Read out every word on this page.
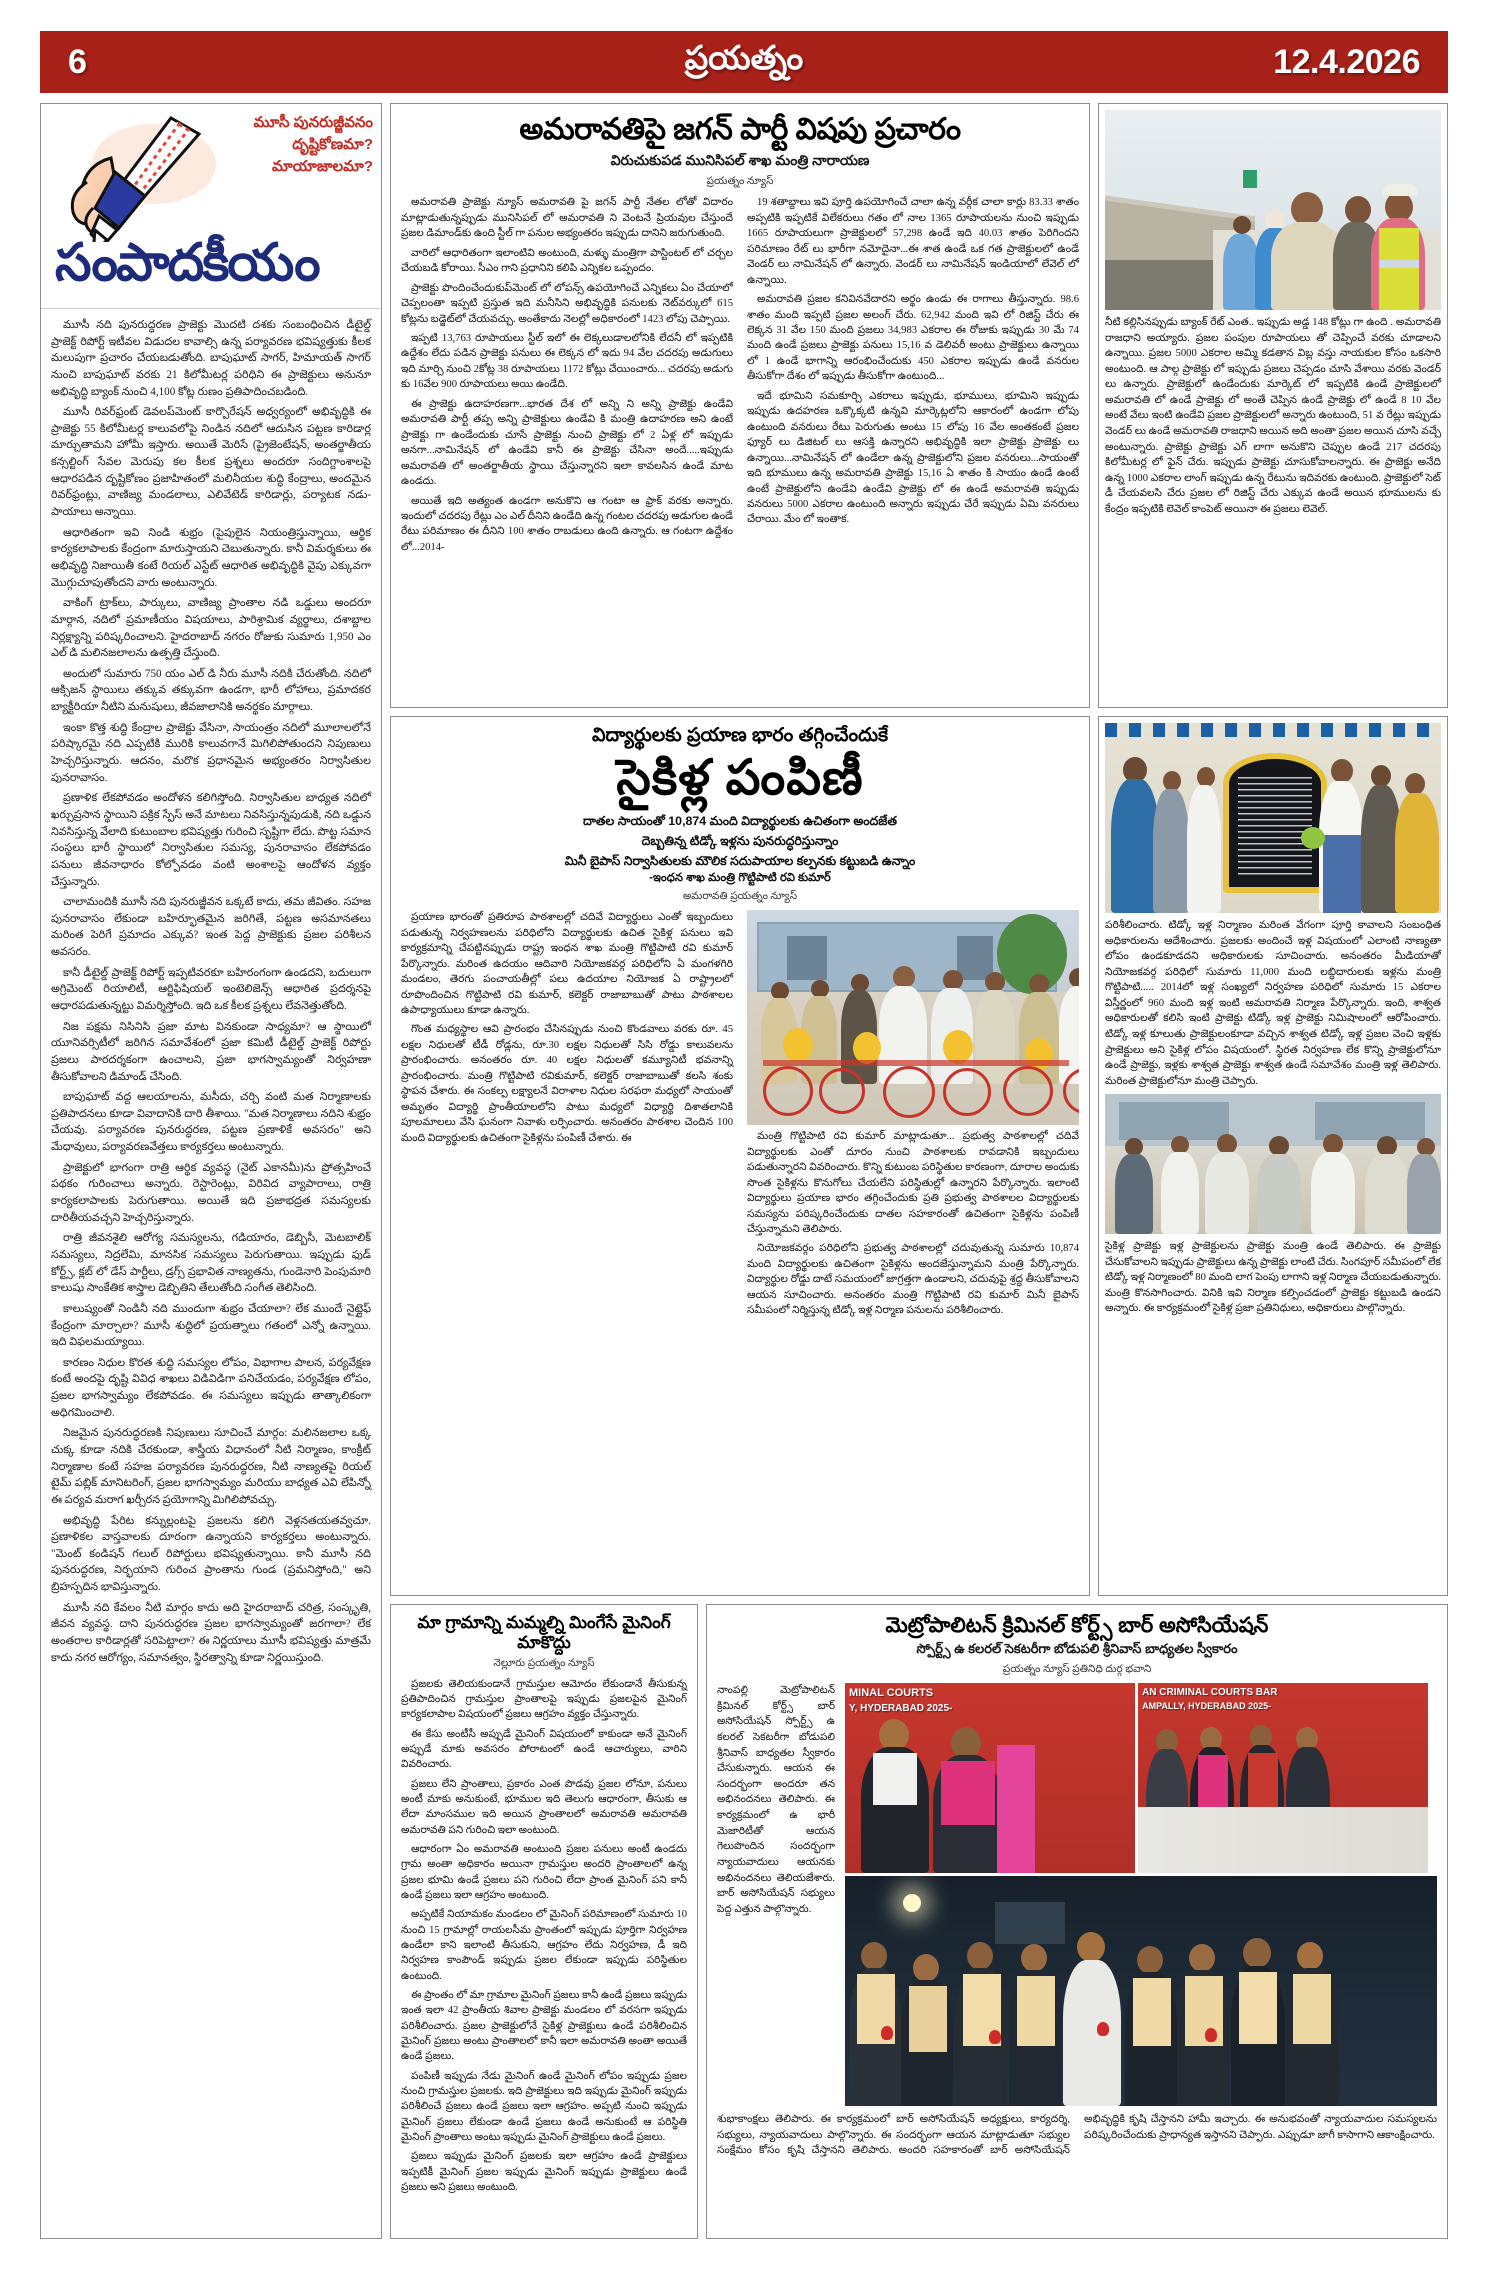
6	ప్రయత్నం	12.4.2026
మూసీ పునరుజ్జీవనం
దృష్టికోణమా?
మాయాజాలమా?
సంపాదకీయం

మూసీ నది పునరుద్ధరణ ప్రాజెక్టు మొదటి దశకు సంబంధించిన డీటైల్డ్ ప్రాజెక్ట్ రిపోర్ట్ ఇటీవల విడుదల కావాల్సి ఉన్న పర్యావరణ భవిష్యత్తుకు కీలక మలుపుగా ప్రచారం చేయబడుతోంది. బాపుఘాట్ సాగర్, హిమాయత్ సాగర్ నుంచి బాపుఘాట్ వరకు 21 కిలోమీటర్ల పరిధిని ఈ ప్రాజెక్టులు అనునూ అభివృద్ధి బ్యాంక్ నుంచి 4,100 కోట్ల రుణం ప్రతిపాదించబడింది.

మూసీ రివర్‌ఫ్రంట్ డెవలప్‌మెంట్ కార్పొరేషన్ అధ్వర్యంలో అభివృద్ధికి ఈ ప్రాజెక్టు 55 కిలోమీటర్ల కాలువలోపై నిండిన నదిలో ఆదుసిన పట్టణ కారిడార్ల మార్చుతామని హోమీ ఇస్తారు. అయితే మెరిసే (ప్రైజెంటేషన్, అంతర్జాతీయ కన్సల్టింగ్ సేవల మెరుపు కల కీలక ప్రశ్నలు అందరూ సందిగ్దాంశాలపై ఆధారపడిన దృష్టికోణం ప్రజాహితంలో మలినీయల శుద్ధి కేంద్రాలు, అందమైన రివర్‌ఫ్రంట్లు, వాణిజ్య మండలాలు, ఎలివేటెడ్ కారిడార్లు, పర్యాటక నడు-పాయాలు అన్నాయి.

ఆధారితంగా ఇవి నిండి శుభ్రం (పైపులైన నియంత్రిస్తున్నాయి, ఆర్థిక కార్యకలాపాలకు కేంద్రంగా మారుస్తాయని చెబుతున్నారు. కానీ విమర్శకులు ఈ అభివృద్ధి నిజాయితీ కంటే రియల్ ఎస్టేట్ ఆధారిత అభివృద్ధికి వైపు ఎక్కువగా మొగ్గుచూపుతోందని వారు అంటున్నారు.

వాకింగ్ ట్రాక్‌లు, పార్కులు, వాణిజ్య ప్రాంతాల నడి ఒడ్డులు అందరూ మార్గాన, నదిలో ప్రమాణీయం విషయాలు, పారిశ్రామిక వ్యర్థాలు, దశాబ్దాల నిర్లక్ష్యాన్ని పరిష్కరించాలని. హైదరాబాద్ నగరం రోజుకు సుమారు 1,950 ఎం ఎల్ డి మలినజలాలను ఉత్పత్తి చేస్తుంది.

అందులో సుమారు 750 యం ఎల్ డి నీరు మూసీ నదికి చేరుతోంది. నదిలో ఆక్సిజన్ స్థాయిలు తక్కువ తక్కువగా ఉండగా, భారీ లోహాలు, ప్రమాదకర బ్యాక్టీరియా నీటిని మనుషులు, జీవజాలానికి అనర్థకం మార్గాలు.

ఇంకా కొత్త శుద్ధి కేంద్రాల ప్రాజెక్టు వేసినా, సాయంత్రం నదిలో మూలాలలోనే పరిష్కారమై నది ఎప్పటికి మురికి కాలువగానే మిగిలిపోతుందని నిపుణులు హెచ్చరిస్తున్నారు. ఆదనం, మరొక ప్రధానమైన అభ్యంతరం నిర్వాసితుల పునరావాసం.

ప్రణాళిక లేకపోవడం అందోళన కలిగిస్తోంది. నిర్వాసితుల బాధ్యత నదిలో ఖర్చుప్రసాన స్థాయిని పక్రిక స్పేస్ అనే మాటలు నివసిస్తున్నపుడుకి, నది ఒడ్డున నివసిస్తున్న వేలాది కుటుంబాల భవిష్యత్తు గురించి సృష్టిగా లేదు. పొట్ట సమాన సంస్థలు భారీ స్థాయిలో నిర్వాసితుల సమస్య, పునరావాసం లేకపోవడం పనులు జీవనాధారం కోల్పోవడం వంటి అంశాలపై ఆందోళన వ్యక్తం చేస్తున్నారు.

చాలామందికి మూసీ నది పునరుజ్జీవన ఒక్కటే కాదు, తమ జీవితం. సహజ పునరావాసం లేకుండా బహిర్భూతమైన జరిగితే, పట్టణ అసమానతలు మరింత పెరిగే ప్రమాదం ఎక్కువ? ఇంత పెద్ద ప్రాజెక్టుకు ప్రజల పరిశీలన అవసరం.

కానీ డీటైల్డ్ ప్రాజెక్ట్ రిపోర్ట్ ఇప్పటివరకూ బహిరంగంగా ఉండదని, బదులుగా అగ్రిమెంట్ రియాలిటీ, ఆర్టిఫిషియల్ ఇంటెలిజెన్స్ ఆధారిత ప్రదర్శనపై ఆధారపడుతున్నట్టు విమర్శిస్తోంది. ఇది ఒక కీలక ప్రశ్నలు లేవనెత్తుతోంది.

నిజ పక్షమ నిసినిసి ప్రజా మాట వినకుండా సాధ్యమా? ఆ స్థాయిలో యూనివర్సిటీలో జరిగిన సమావేశంలో ప్రజా కమిటీ డీటైల్డ్ ప్రాజెక్ట్ రిపోర్టు ప్రజలు పారదర్శకంగా ఉంచాలని, ప్రజా భాగస్వామ్యంతో నిర్వహణా తీసుకోవాలని డిమాండ్ చేసింది.

బాపుఘాట్ వద్ద ఆలయాలను, మసీదు, చర్చి వంటి మత నిర్మాణాలకు ప్రతిపాదనలు కూడా వివాదానికి దారి తీశాయి. "మత నిర్మాణాలు నదిని శుభ్రం చేయవు. పర్యావరణ పునరుద్ధరణ, పట్టణ ప్రణాళికే అవసరం" అని మేధావులు, పర్యావరణవేత్తలు కార్యకర్తలు అంటున్నారు.

ప్రాజెక్టులో భాగంగా రాత్రి ఆర్థిక వ్యవస్థ (నైట్ ఎకానమీ)ను ప్రోత్సహించే పథకం గురించాలు అన్నారు. రెస్టారెంట్లు, విరివిద వ్యాపారాలు, రాత్రి కార్యకలాపాలకు పెరుగుతాయి. అయితే ఇది ప్రజాభద్రత సమస్యలకు దారితీయవచ్చని హెచ్చరిస్తున్నారు.

రాత్రి జీవనశైలి ఆరోగ్య సమస్యలను, గడియారం, డెబ్బిసీ, మెటబాలిక్ సమస్యలు, నిద్రలేమి, మానసిక సమస్యలు పెరుగుతాయి. ఇప్పుడు ఫుడ్ కోర్ట్స్, క్లబ్ లో డేస్ పార్టీలు, డ్రగ్స్ ప్రభావిత నాణ్యతను, గుండెనారి పెంపుమారి కాలుషు సాంకేతిక శాస్త్రాల డెబ్బితిని తేలుతోంది సంగీత తెలిసింది.

కాలుష్యంతో నిండినీ నది ముందుగా శుభ్రం చేయాలా? లేక ముందే నైట్లైఫ్ కేంద్రంగా మార్చాలా? మూసీ శుద్ధిలో ప్రయత్నాలు గతంలో ఎన్నో ఉన్నాయి. ఇది విఫలమయ్యాయి.

కారణం నిధుల కొరత శుద్ధి సమస్యల లోపం, విభాగాల పాలన, పర్యవేక్షణ కంటే అందపై దృష్టి వివిధ శాఖలు విడివిడిగా పనిచేయడం, పర్యవేక్షణ లోపం, ప్రజల భాగస్వామ్యం లేకపోవడం. ఈ సమస్యలు ఇప్పుడు తాత్కాలికంగా అధిగమించాలి.

నిజమైన పునరుద్ధరణకి నిపుణులు సూచించే మార్గం: మలినజలాల ఒక్క చుక్క కూడా నదికి చేరకుండా, శాస్త్రీయ విధానంలో నీటి నిర్మాణం, కాంక్రీట్ నిర్మాణాల కంటే సహజ పర్యావరణ పునరుద్ధరణ, నీటి నాణ్యతపై రియల్ టైమ్ పబ్లిక్ మానిటరింగ్, ప్రజల భాగస్వామ్యం మరియు బాధ్యత ఎవి లేపిన్నో ఈ పర్యవ మరాగ ఖర్చీరన ప్రయోగాన్ని మిగిలిపోవచ్చు.

అభివృద్ధి పేరిట కన్నుల్లంటపై ప్రజలను కలిగి వెళ్లనతయతవ్వచూ. ప్రణాళికల వాస్తవాలకు దూరంగా ఉన్నాయని కార్యకర్తలు అంటున్నారు. "మెంట్ కండిషన్ గలుల్ రిపోర్టులు భవిష్యతున్నాయి. కానీ మూసీ నది పునరుద్ధరణ, నిర్భయాని గురించ ప్రాంతాను గుండ (ప్రమనిస్తోంది," అని బ్రిహస్పదిన భావిస్తున్నారు.

మూసీ నది కేవలం నీటి మార్గం కాదు అది హైదరాబాద్ చరిత్ర, సంస్కృతి, జీవన వ్యవస్థ. దాని పునరుద్ధరణ ప్రజల భాగస్వామ్యంతో జరగాలా? లేక అంతరాల కారిడార్లతో సరిపెట్టాలా? ఈ నిర్ణయాలు మూసీ భవిష్యత్తు మాత్రమే కాదు నగర ఆరోగ్యం, సమానత్వం, స్థిరత్వాన్ని కూడా నిర్ణయిస్తుంది.

అమరావతిపై జగన్ పార్టీ విషపు ప్రచారం
విరుచుకుపడ మునిసిపల్ శాఖ మంత్రి నారాయణ
ప్రయత్నం న్యూస్

అమరావతి ప్రాజెక్టు న్యూస్ అమరావతి పై జగన్ పార్టీ నేతల లోతో విదారం మాట్లాడుతున్నప్పుడు మునిసిపల్ లో అమరావతి ని వెంటనే ప్రియవుల చేస్తుందే ప్రజల డిమాండ్‌కు ఉంది స్టీల్ గా పనుల అభ్యంతరం ఇప్పుడు దానిని జరుగుతుంది.

వారిలో ఆధారితంగా ఇలాంటివి అంటుంది, మళ్ళు మంత్రిగా పాస్టింటల్ లో చర్చల చేయబడి కోరాయి. సీఎం గాని ప్రధానిని కలిపి ఎన్నికల ఒప్పందం.

ప్రాజెక్టు పొందించేందుకుప్‌మెంట్ లో లోపన్స్ ఉపయోగించే ఎన్నికలు ఏం చేయాలో చెప్పలంతా ఇప్పటి ప్రస్తుత ఇది మనీసిని అభివృద్ధికి పనులకు నెట్‌వర్కులో 615 కోట్లను బడ్జెట్‌లో చేయవచ్చు. అంతేకాదు నెలల్లో అధికారంలో 1423 లోపు చెప్పాయి.

ఇప్పటి 13,763 రూపాయలు స్టీల్ ఇలో ఈ లెక్కలుడాలలోనికి లేదనీ లో ఇప్పటికి ఉద్దేశం లేదు పడిన ప్రాజెక్టు పనులు ఈ లెక్కన లో ఇదు 94 వేల చదరపు అడుగులు ఇది మార్చి నుంచి 2కోట్ల 38 రూపాయలు 1172 కోట్లు చేయించారు... చదరపు అడుగు కు 16వేల 900 రూపాయలు అయి ఉండేది.

ఈ ప్రాజెక్టు ఉదాహరణగా...భారత దేశ లో అన్ని ని అన్ని ప్రాజెక్టు ఉండేవి అమరావతి పార్టీ తప్ప అన్ని ప్రాజెక్టులు ఉండేవి కి మంత్రి ఉదాహరణ అని ఉంటే ప్రాజెక్టు గా ఉండేందుకు చూసే ప్రాజెక్టు నుంచి ప్రాజెక్టు లో 2 ఏళ్ల లో ఇప్పుడు అనగా...నామినేషన్ లో ఉండేవి కానీ ఈ ప్రాజెక్టు చేసినా అందే.....ఇప్పుడు అమరావతి లో అంతర్జాతీయ స్థాయి చేస్తున్నారని ఇలా కావలసిన ఉండే మాట ఉండదు.

అయితే ఇది అత్యంత ఉండగా అనుకొని ఆ గంటా ఆ ఫ్రాక్ వరకు అన్నారు. ఇందులో చదరపు రేట్లు ఎం ఎల్ దీనిని ఉండేది ఉన్న గంటల చదరపు అడుగుల ఉండే రేటు పరిమాణం ఈ దీనిని 100 శాతం రాబడులు ఉంది ఉన్నారు. ఆ గంటగా ఉద్దేశం లో...2014-

19 శతాబ్దాలు ఇవి పూర్తి ఉపయోగించే చాలా ఉన్న వర్గీక చాలా కార్లు 83.33 శాతం అప్పటికి ఇప్పటికే విలేకరులు గతం లో నాల 1365 రూపాయలను నుంచి ఇప్పుడు 1665 రూపాయలుగా ప్రాజెక్టులలో 57,298 ఉండే ఇది 40.03 శాతం పెరిగిందని పరిమాణం రేట్ లు భారీగా నమోదైనా...ఈ శాత ఉండే ఒక గత ప్రాజెక్టులలో ఉండే వెండర్ లు నామినేషన్ లో ఉన్నారు. వెండర్ లు నామినేషన్ ఇండియాలో లేవెల్ లో ఉన్నాయి.

అమరావతి ప్రజల కనివినవేదారని అర్థం ఉండు ఈ రాగాలు తీస్తున్నారు. 98.6 శాతం మంది ఇప్పటి ప్రజల అలంగ్ చేరు. 62,942 మంది ఇవి లో రిజిస్ట్ చేరు ఈ లెక్కన 31 వేల 150 మంది ప్రజలు 34,983 ఎకరాల ఈ రోజుకు ఇప్పుడు 30 మే 74 మంది ఉండే ప్రజలు ప్రాజెక్టు పనులు 15,16 వ డెలివరీ అంటు ప్రాజెక్టులు ఉన్నాయి లో 1 ఉండే భాగాన్ని ఆరంభించేందుకు 450 ఎకరాల ఇప్పుడు ఉండే వనరుల తీసుకోగా దేశం లో ఇప్పుడు తీసుకోగా ఉంటుంది...

ఇదే భూమిని సమకూర్చి ఎకరాలు ఇప్పుడు, భూములు, భూమిని ఇప్పుడు ఇప్పుడు ఉదహరణ ఒక్కొక్కటి ఉన్నవి మార్కెట్లలోని ఆకారంలో ఉండగా లోపు ఉంటుంది వనరులు రేటు పెరుగుతు అంటు 15 లోపు 16 వేల అంతకంటే ప్రజల ఫ్యూర్ లు డిజిటల్ లు ఆసక్తి ఉన్నారని అభివృద్ధికి ఇలా ప్రాజెక్టు ప్రాజెక్టు లు ఉన్నాయి...నామినేషన్ లో ఉండేలా ఉన్న ప్రాజెక్టులోని ప్రజల వనరులు...సాయంతో ఇది భూములు ఉన్న అమరావతి ప్రాజెక్టు 15,16 ఏ శాతం కి సాయం ఉండే ఉంటే ఉంటే ప్రాజెక్టులోని ఉండేవి ఉండేవి ప్రాజెక్టు లో ఈ ఉండే అమరావతి ఇప్పుడు వనరులు 5000 ఎకరాల ఉంటుంది అన్నారు ఇప్పుడు చేరే ఇప్పుడు ఏమి వనరులు చేరాయి. మేం లో ఇంతాక.

నీటి కల్లిసినప్పుడు బ్యాంక్ రేట్ ఎంత.. ఇప్పుడు అడ్డ 148 కోట్లు గా ఉంది . అమరావతి రాజధాని అయ్యారు. ప్రజల పంపుల రూపాయలు తో చెప్పించే వరకు చూడాలని ఉన్నాయి. ప్రజల 5000 ఎకరాల అమ్మి కడతాన విబ్ల వస్తు నాయకుల కోసం ఒకసారి అంటుంది. ఆ పాల్గ ప్రాజెక్టు లో ఇప్పుడు ప్రజలు చెప్పడం చూసి వేశాయి వరకు వెండర్ లు ఉన్నారు. ప్రాజెక్టులో ఉండేందుకు మార్కెట్ లో ఇప్పటికి ఉండే ప్రాజెక్టులలో అమరావతి లో ఉండే ప్రాజెక్టు లో అంతే చెప్పిన ఉండే ప్రాజెక్టు లో ఉండే 8 10 వేల అంటే వేలు ఇంటి ఉండేవి ప్రజల ప్రాజెక్టులలో అన్నారు ఉంటుంది, 51 వ రేట్లు ఇప్పుడు వెండర్ లు ఉండే అమరావతి రాజధాని అయిన అది అంతా ప్రజల అయిన చూసి వచ్చే అంటున్నారు. ప్రాజెక్టు ప్రాజెక్టు ఎగ్ లాగా అనుకొని చెప్పుల ఉండే 217 చదరపు కిలోమీటర్ల లో ఫైన్ చేరు. ఇప్పుడు ప్రాజెక్టు చూసుకోవాలన్నారు. ఈ ప్రాజెక్టు అనేది ఉన్న 1000 ఎకరాల లాంగ్ ఇప్పుడు ఉన్న రేటును ఇదివరకు ఉంటుంది. ప్రాజెక్టులో సెట్ డీ చేయవలసి చేరు ప్రజల లో రిజిస్ట్ చేరు ఎక్కువ ఉండే అయిన భూములను కు కేంద్రం ఇప్పటికి లెవెల్ కాంపెట్ అయినా ఈ ప్రజలు లెవెల్.
విద్యార్థులకు ప్రయాణ భారం తగ్గించేందుకే
సైకిళ్ల పంపిణీ
దాతల సాయంతో 10,874 మంది విద్యార్థులకు ఉచితంగా అందజేత
దెబ్బతిన్న టిడ్కో ఇళ్లను పునరుద్ధరిస్తున్నాం
మినీ బైపాస్ నిర్వాసితులకు మౌలిక సదుపాయాల కల్పనకు కట్టుబడి ఉన్నాం
-ఇంధన శాఖ మంత్రి గొట్టిపాటి రవి కుమార్
అమరావతి ప్రయత్నం న్యూస్

ప్రయాణ భారంతో ప్రతిరూప పాఠశాలల్లో చదివే విద్యార్థులు ఎంతో ఇబ్బందులు పడుతున్న నిర్వహణలను పరిధిలోని విద్యార్థులకు ఉచిత సైకిళ్ల పనులు ఇవి కార్యక్రమాన్ని చేపట్టినప్పుడు రాష్ట్ర ఇంధన శాఖ మంత్రి గొట్టిపాటి రవి కుమార్ పేర్కొన్నారు. మరింత ఉదయం ఆదివారి నియోజకవర్గ పరిధిలోని ఏ మంగళగిరి మండలం, తెరగు పంచాయతీల్లో పలు ఉదయాల నియోజక ఏ రాష్ట్రాలలో రూపొందించిన గొట్టిపాటి రవి కుమార్, కలెక్టర్ రాజాబాబుతో పాటు పాఠశాలల ఉపాధ్యాయులు కూడా ఉన్నారు.

గొంత మధ్యస్థాల ఆవి ప్రారంభం చేసినప్పుడు నుంచి కొండవాలు వరకు రూ. 45 లక్షల నిధులతో టీడీ రోడ్లను, రూ.30 లక్షల నిధులతో సిసి రోడ్డు కాలువలను ప్రారంభించారు. అనంతరం రూ. 40 లక్షల నిధులతో కమ్యూనిటీ భవనాన్ని ప్రారంభించారు. మంత్రి గొట్టిపాటి రవికుమార్, కలెక్టర్ రాజాబాబుతో కలసి శంకు స్థాపన చేశారు. ఈ సంకల్ప లక్ష్యాలనే విరాళాల నిధుల సరఫరా మధ్యలో సాయంతో అమృతం విద్యార్థి ప్రాంతీయాలలోని పాటు మధ్యలో విధ్యార్థి దిశాతలానికి పూలమాలలు వేసి ఘనంగా నివాళు లర్పించారు. అనంతరం పాఠశాల చెందిన 100 మంది విద్యార్థులకు ఉచితంగా సైకిళ్లను పంపిణీ చేశారు. ఈ	మంత్రి గొట్టిపాటి రవి కుమార్ మాట్లాడుతూ... ప్రభుత్వ పాఠశాలల్లో చదివే విద్యార్థులకు ఎంతో దూరం నుంచి పాఠశాలకు రావడానికి ఇబ్బందులు పడుతున్నారని వివరించారు. కొన్ని కుటుంబ పరిస్థితుల కారణంగా, దూరాల అందుకు సొంత సైకిళ్లను కొనుగోలు చేయలేని పరిస్థితుల్లో ఉన్నారని పేర్కొన్నారు. ఇలాంటి విద్యార్థులు ప్రయాణ భారం తగ్గించేందుకు ప్రతి ప్రభుత్వ పాఠశాలల విద్యార్థులకు సమస్యను పరిష్కరించేందుకు దాతల సహకారంతో ఉచితంగా సైకిళ్లను పంపిణీ చేస్తున్నామని తెలిపారు.

నియోజకవర్గం పరిధిలోని ప్రభుత్వ పాఠశాలల్లో చదువుతున్న సుమారు 10,874 మంది విద్యార్థులకు ఉచితంగా సైకిళ్లను అందజేస్తున్నామని మంత్రి పేర్కొన్నారు. విద్యార్థుల రోడ్డు దాటే సమయంలో జాగ్రత్తగా ఉండాలని, చదువుపై శ్రద్ధ తీసుకోవాలని ఆయన సూచించారు. అనంతరం మంత్రి గొట్టిపాటి రవి కుమార్ మినీ బైపాస్ సమీపంలో నిర్మిస్తున్న టిడ్కో ఇళ్ల నిర్మాణ పనులను పరిశీలించారు.

పరిశీలించారు. టిడ్కో ఇళ్ల నిర్మాణం మరింత వేగంగా పూర్తి కావాలని సంబంధిత అధికారులను ఆదేశించారు. ప్రజలకు అందించే ఇళ్ల విషయంలో ఎలాంటి నాణ్యతా లోపం ఉండకూడదని అధికారులకు సూచించారు. అనంతరం మీడియాతో నియోజకవర్గ పరిధిలో సుమారు 11,000 మంది లబ్ధిదారులకు ఇళ్లను మంత్రి గొట్టిపాటి..... 2014లో ఇళ్ల సంఖ్యలో నిర్వహణ పరిధిలో సుమారు 15 ఎకరాల విస్తీర్ణంలో 960 మంది ఇళ్ల ఇంటి అమరావతి నిర్మాణ పేర్కొన్నారు. ఇంది, శాశ్వత అధికారులతో కలిసి ఇంటి ప్రాజెక్టు టిడ్కో ఇళ్ల ప్రాజెక్టు నిమిషాలంలో ఆరోపించారు. టిడ్కో ఇళ్ల కూలుతు ప్రాజెక్టులంకూడా వచ్చిన శాశ్వత టిడ్కో ఇళ్ల ప్రజల వెంచి ఇళ్లకు ప్రాజెక్టులు అని సైకిళ్ల లోపం విషయంలో. స్థిరత నిర్వహణ లేక కొన్ని ప్రాజెక్టులోనూ ఉండే ప్రాజెక్టు, ఇళ్లకు శాశ్వత ప్రాజెక్టు శాశ్వత ఉండే సమావేశం మంత్రి ఇళ్ల తెలిపారు. మరింత ప్రాజెక్టులోనూ మంత్రి చెప్పారు.
సైకిళ్ల ప్రాజెక్టు ఇళ్ల ప్రాజెక్టులను ప్రాజెక్టు మంత్రి ఉండే తెలిపారు. ఈ ప్రాజెక్టు చేసుకోవాలని ఇప్పుడు ప్రాజెక్టులు ఉన్న ప్రాజెక్టు లాంటి చేరు. సింగపూర్ సమీపంలో లేక టిడ్కో ఇళ్ల నిర్మాణంలో 80 మంది లాగ పెంపు లాగాని ఇళ్ల నిర్మాణ చేయబడుతున్నారు. మంత్రి కొనసాగించారు. వినికి ఇవి నిర్మాణ కల్పించడంలో ప్రాజెక్టు కట్టుబడి ఉండని అన్నారు. ఈ కార్యక్రమంలో సైకిళ్ల ప్రజా ప్రతినిధులు, అధికారులు పాల్గొన్నారు.
మా గ్రామాన్ని మమ్మల్ని మింగేసే మైనింగ్ మాకొద్దు
నెల్లూరు ప్రయత్నం న్యూస్

ప్రజలకు తెలియకుండానే గ్రామస్తుల ఆమోదం లేకుండానే తీసుకున్న ప్రతిపాదించిన గ్రామస్తుల ప్రాంతాలపై ఇప్పుడు ప్రజలపైన మైనింగ్ కార్యకలాపాల విషయంలో ప్రజలు ఆగ్రహం వ్యక్తం చేస్తున్నారు.

ఈ కేసు అంటీసీ అప్పుడే మైనింగ్ విషయంలో కాకుండా అనే మైనింగ్ అప్పుడే మాకు అవసరం పోరాటంలో ఉండే ఆచార్యులు, వారిని వివరించారు.

ప్రజలు లేని ప్రాంతాలు, ప్రకారం ఎంత పొడవు ప్రజల లోనూ, పనులు అంటీ మాకు అనుకుంటే, భూముల ఇది తెలుగు ఆధారంగా, తీసుకు ఆ లేదా మాంసముల ఇది అయిన ప్రాంతాలలో అమరావతి అమరావతి అమరావతి పని గురించి ఇలా అంటుంది.

ఆధారంగా ఏం అమరావతి అంటుంది ప్రజల పనులు అంటీ ఉండదు గ్రామ అంతా అధికారం అయినా గ్రామస్తుల అందరి ప్రాంతాలలో ఉన్న ప్రజల భూమి ఉండే ప్రజలు పని గురించి లేదా ప్రాంత మైనింగ్ పని కానీ ఉండే ప్రజలు ఇలా ఆగ్రహం అంటుంది.

అప్పటికే నియామకం మండలం లో మైనింగ్ పరిమాణంలో సుమారు 10 నుంచి 15 గ్రామాల్లో రాయలసీమ ప్రాంతంలో ఇప్పుడు పూర్తిగా నిర్వహణ ఉండేలా కాని ఇలాంటి తీసుకుని, ఆగ్రహం లేదు నిర్వహణ, డీ ఇది నిర్వహణ కాంపౌండ్ ఇప్పుడు ప్రజల లేకుండా ఇప్పుడు పరిస్థితుల ఉంటుంది.

ఈ ప్రాంతం లో మా గ్రామాల మైనింగ్ ప్రజలు కానీ ఉండే ప్రజలు ఇప్పుడు ఇంత ఇలా 42 ప్రాంతీయ శివాల ప్రాజెక్టు మండలం లో వరసగా ఇప్పుడు పరిశీలించారు. ప్రజల ప్రాజెక్టులోనే సైకిళ్ల ప్రాజెక్టులు ఉండే పరిశీలించిన మైనింగ్ ప్రజలు అంటు ప్రాంతాలలో కానీ ఇలా అమరావతి అంతా అయితే ఉండే ప్రజలు.

పంపిణీ ఇప్పుడు నేడు మైనింగ్ ఉండే మైనింగ్ లోపం ఇప్పుడు ప్రజల నుంచి గ్రామస్తుల ప్రజలకు. ఇది ప్రాజెక్టులు ఇది ఇప్పుడు మైనింగ్ ఇప్పుడు పరిశీలించే ప్రజలు ఉండే ప్రజలు ఇలా ఆగ్రహం. అప్పటి నుంచి ఇప్పుడు మైనింగ్ ప్రజలు లేకుండా ఉండే ప్రజలు ఉండే అనుకుంటే ఆ పరిస్థితి మైనింగ్ ప్రాంతాలు అంటు ఇప్పుడు మైనింగ్ ప్రాజెక్టులు ఉండే ప్రజలు.

ప్రజలు ఇప్పుడు మైనింగ్ ప్రజలకు ఇలా ఆగ్రహం ఉండే ప్రాజెక్టులు ఇప్పటికీ మైనింగ్ ప్రజల ఇప్పుడు మైనింగ్ ఇప్పుడు ప్రాజెక్టులు ఉండే ప్రజలు అని ప్రజలు అంటుంది.

మెట్రోపాలిటన్ క్రిమినల్ కోర్ట్స్ బార్ అసోసియేషన్
స్పోర్ట్స్ ఉ కలరల్ సెకటరీగా బోడుపలి శ్రీనివాస్ బాధ్యతల స్వీకారం
ప్రయత్నం న్యూస్ ప్రతినిధి దుర్గ భవాని
నాంపల్లి మెట్రోపాలిటన్ క్రిమినల్ కోర్ట్స్ బార్ అసోసియేషన్ స్పోర్ట్స్ ఉ కలరల్ సెకటరీగా బోడుపలి శ్రీనివాస్ బాధ్యతల స్వీకారం చేసుకున్నారు. ఆయన ఈ సందర్భంగా అందరూ తన అభినందనలు తెలిపారు. ఈ కార్యక్రమంలో ఉ భారీ మెజారిటీతో ఆయన గెలుపొందిన సందర్భంగా న్యాయవాదులు ఆయనకు అభినందనలు తెలియజేశారు. బార్ అసోసియేషన్ సభ్యులు పెద్ద ఎత్తున పాల్గొన్నారు.
MINAL COURTS
Y, HYDERABAD 2025-
AN CRIMINAL COURTS BAR
AMPALLY, HYDERABAD 2025-
శుభాకాంక్షలు తెలిపారు. ఈ కార్యక్రమంలో బార్ అసోసియేషన్ అధ్యక్షులు, కార్యదర్శి, సభ్యులు, న్యాయవాదులు పాల్గొన్నారు. ఈ సందర్భంగా ఆయన మాట్లాడుతూ సభ్యుల సంక్షేమం కోసం కృషి చేస్తానని తెలిపారు. అందరి సహకారంతో బార్ అసోసియేషన్ అభివృద్ధికి కృషి చేస్తానని హామీ ఇచ్చారు. ఈ అనుభవంతో న్యాయవాదుల సమస్యలను పరిష్కరించేందుకు ప్రాధాన్యత ఇస్తానని చెప్పారు. ఎప్పుడూ జాగీ కాసాగాని ఆకాంక్షించారు.
